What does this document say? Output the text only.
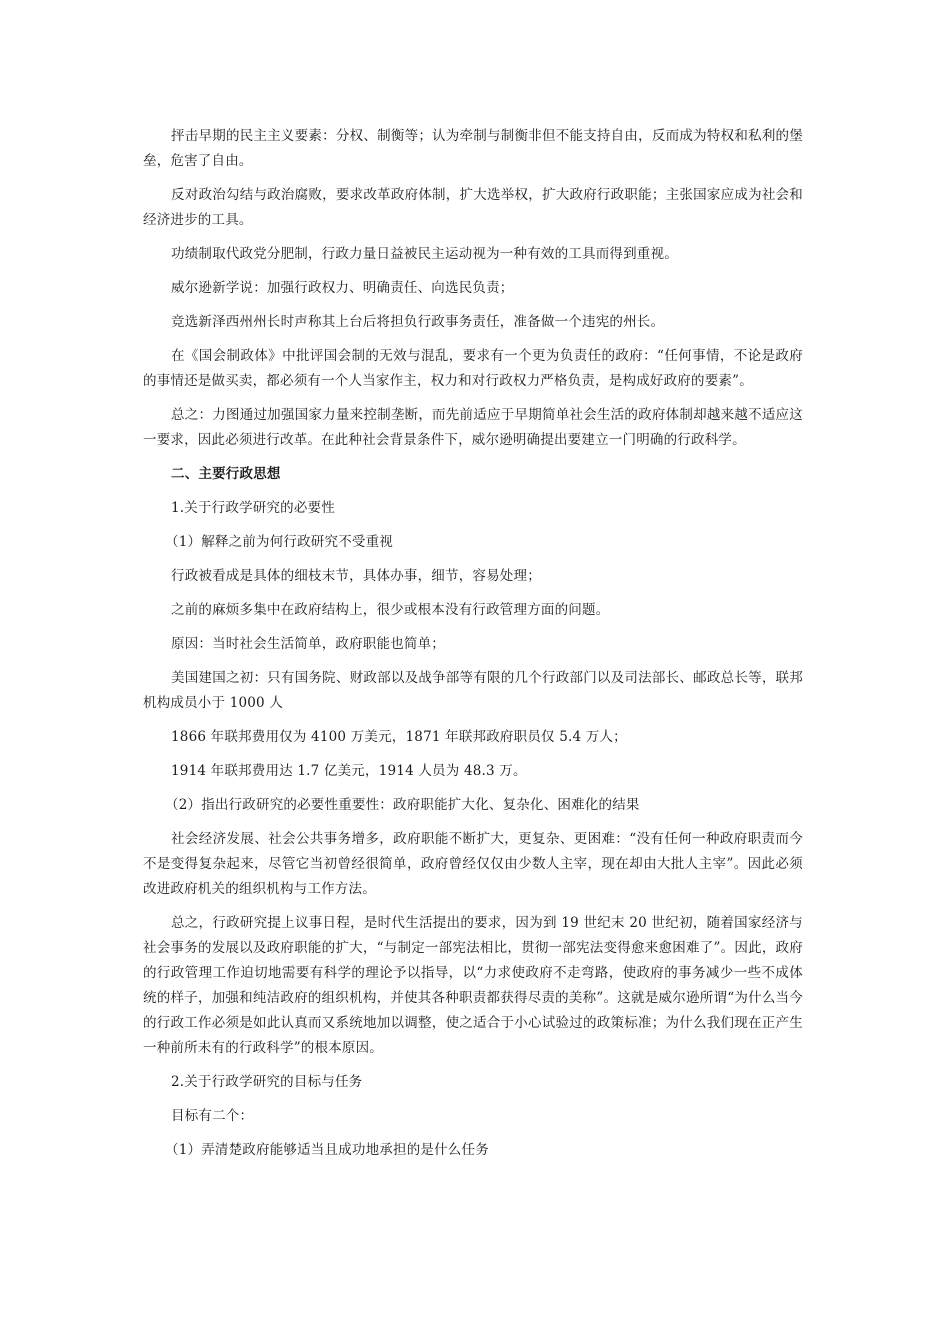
抨击早期的民主主义要素：分权、制衡等；认为牵制与制衡非但不能支持自由，反而成为特权和私利的堡垒，危害了自由。

反对政治勾结与政治腐败，要求改革政府体制，扩大选举权，扩大政府行政职能；主张国家应成为社会和经济进步的工具。

功绩制取代政党分肥制，行政力量日益被民主运动视为一种有效的工具而得到重视。

威尔逊新学说：加强行政权力、明确责任、向选民负责；

竞选新泽西州州长时声称其上台后将担负行政事务责任，准备做一个违宪的州长。

在《国会制政体》中批评国会制的无效与混乱，要求有一个更为负责任的政府：“任何事情，不论是政府的事情还是做买卖，都必须有一个人当家作主，权力和对行政权力严格负责，是构成好政府的要素”。

总之：力图通过加强国家力量来控制垄断，而先前适应于早期简单社会生活的政府体制却越来越不适应这一要求，因此必须进行改革。在此种社会背景条件下，威尔逊明确提出要建立一门明确的行政科学。

二、主要行政思想

1.关于行政学研究的必要性

（1）解释之前为何行政研究不受重视

行政被看成是具体的细枝末节，具体办事，细节，容易处理；

之前的麻烦多集中在政府结构上，很少或根本没有行政管理方面的问题。

原因：当时社会生活简单，政府职能也简单；

美国建国之初：只有国务院、财政部以及战争部等有限的几个行政部门以及司法部长、邮政总长等，联邦机构成员小于 1000 人

1866 年联邦费用仅为 4100 万美元，1871 年联邦政府职员仅 5.4 万人；

1914 年联邦费用达 1.7 亿美元，1914 人员为 48.3 万。

（2）指出行政研究的必要性重要性：政府职能扩大化、复杂化、困难化的结果

社会经济发展、社会公共事务增多，政府职能不断扩大，更复杂、更困难：“没有任何一种政府职责而今不是变得复杂起来，尽管它当初曾经很简单，政府曾经仅仅由少数人主宰，现在却由大批人主宰”。因此必须改进政府机关的组织机构与工作方法。

总之，行政研究提上议事日程，是时代生活提出的要求，因为到 19 世纪末 20 世纪初，随着国家经济与社会事务的发展以及政府职能的扩大，“与制定一部宪法相比，贯彻一部宪法变得愈来愈困难了”。因此，政府的行政管理工作迫切地需要有科学的理论予以指导，以“力求使政府不走弯路，使政府的事务减少一些不成体统的样子，加强和纯洁政府的组织机构，并使其各种职责都获得尽责的美称”。这就是威尔逊所谓“为什么当今的行政工作必须是如此认真而又系统地加以调整，使之适合于小心试验过的政策标准；为什么我们现在正产生一种前所未有的行政科学”的根本原因。

2.关于行政学研究的目标与任务

目标有二个：

（1）弄清楚政府能够适当且成功地承担的是什么任务
